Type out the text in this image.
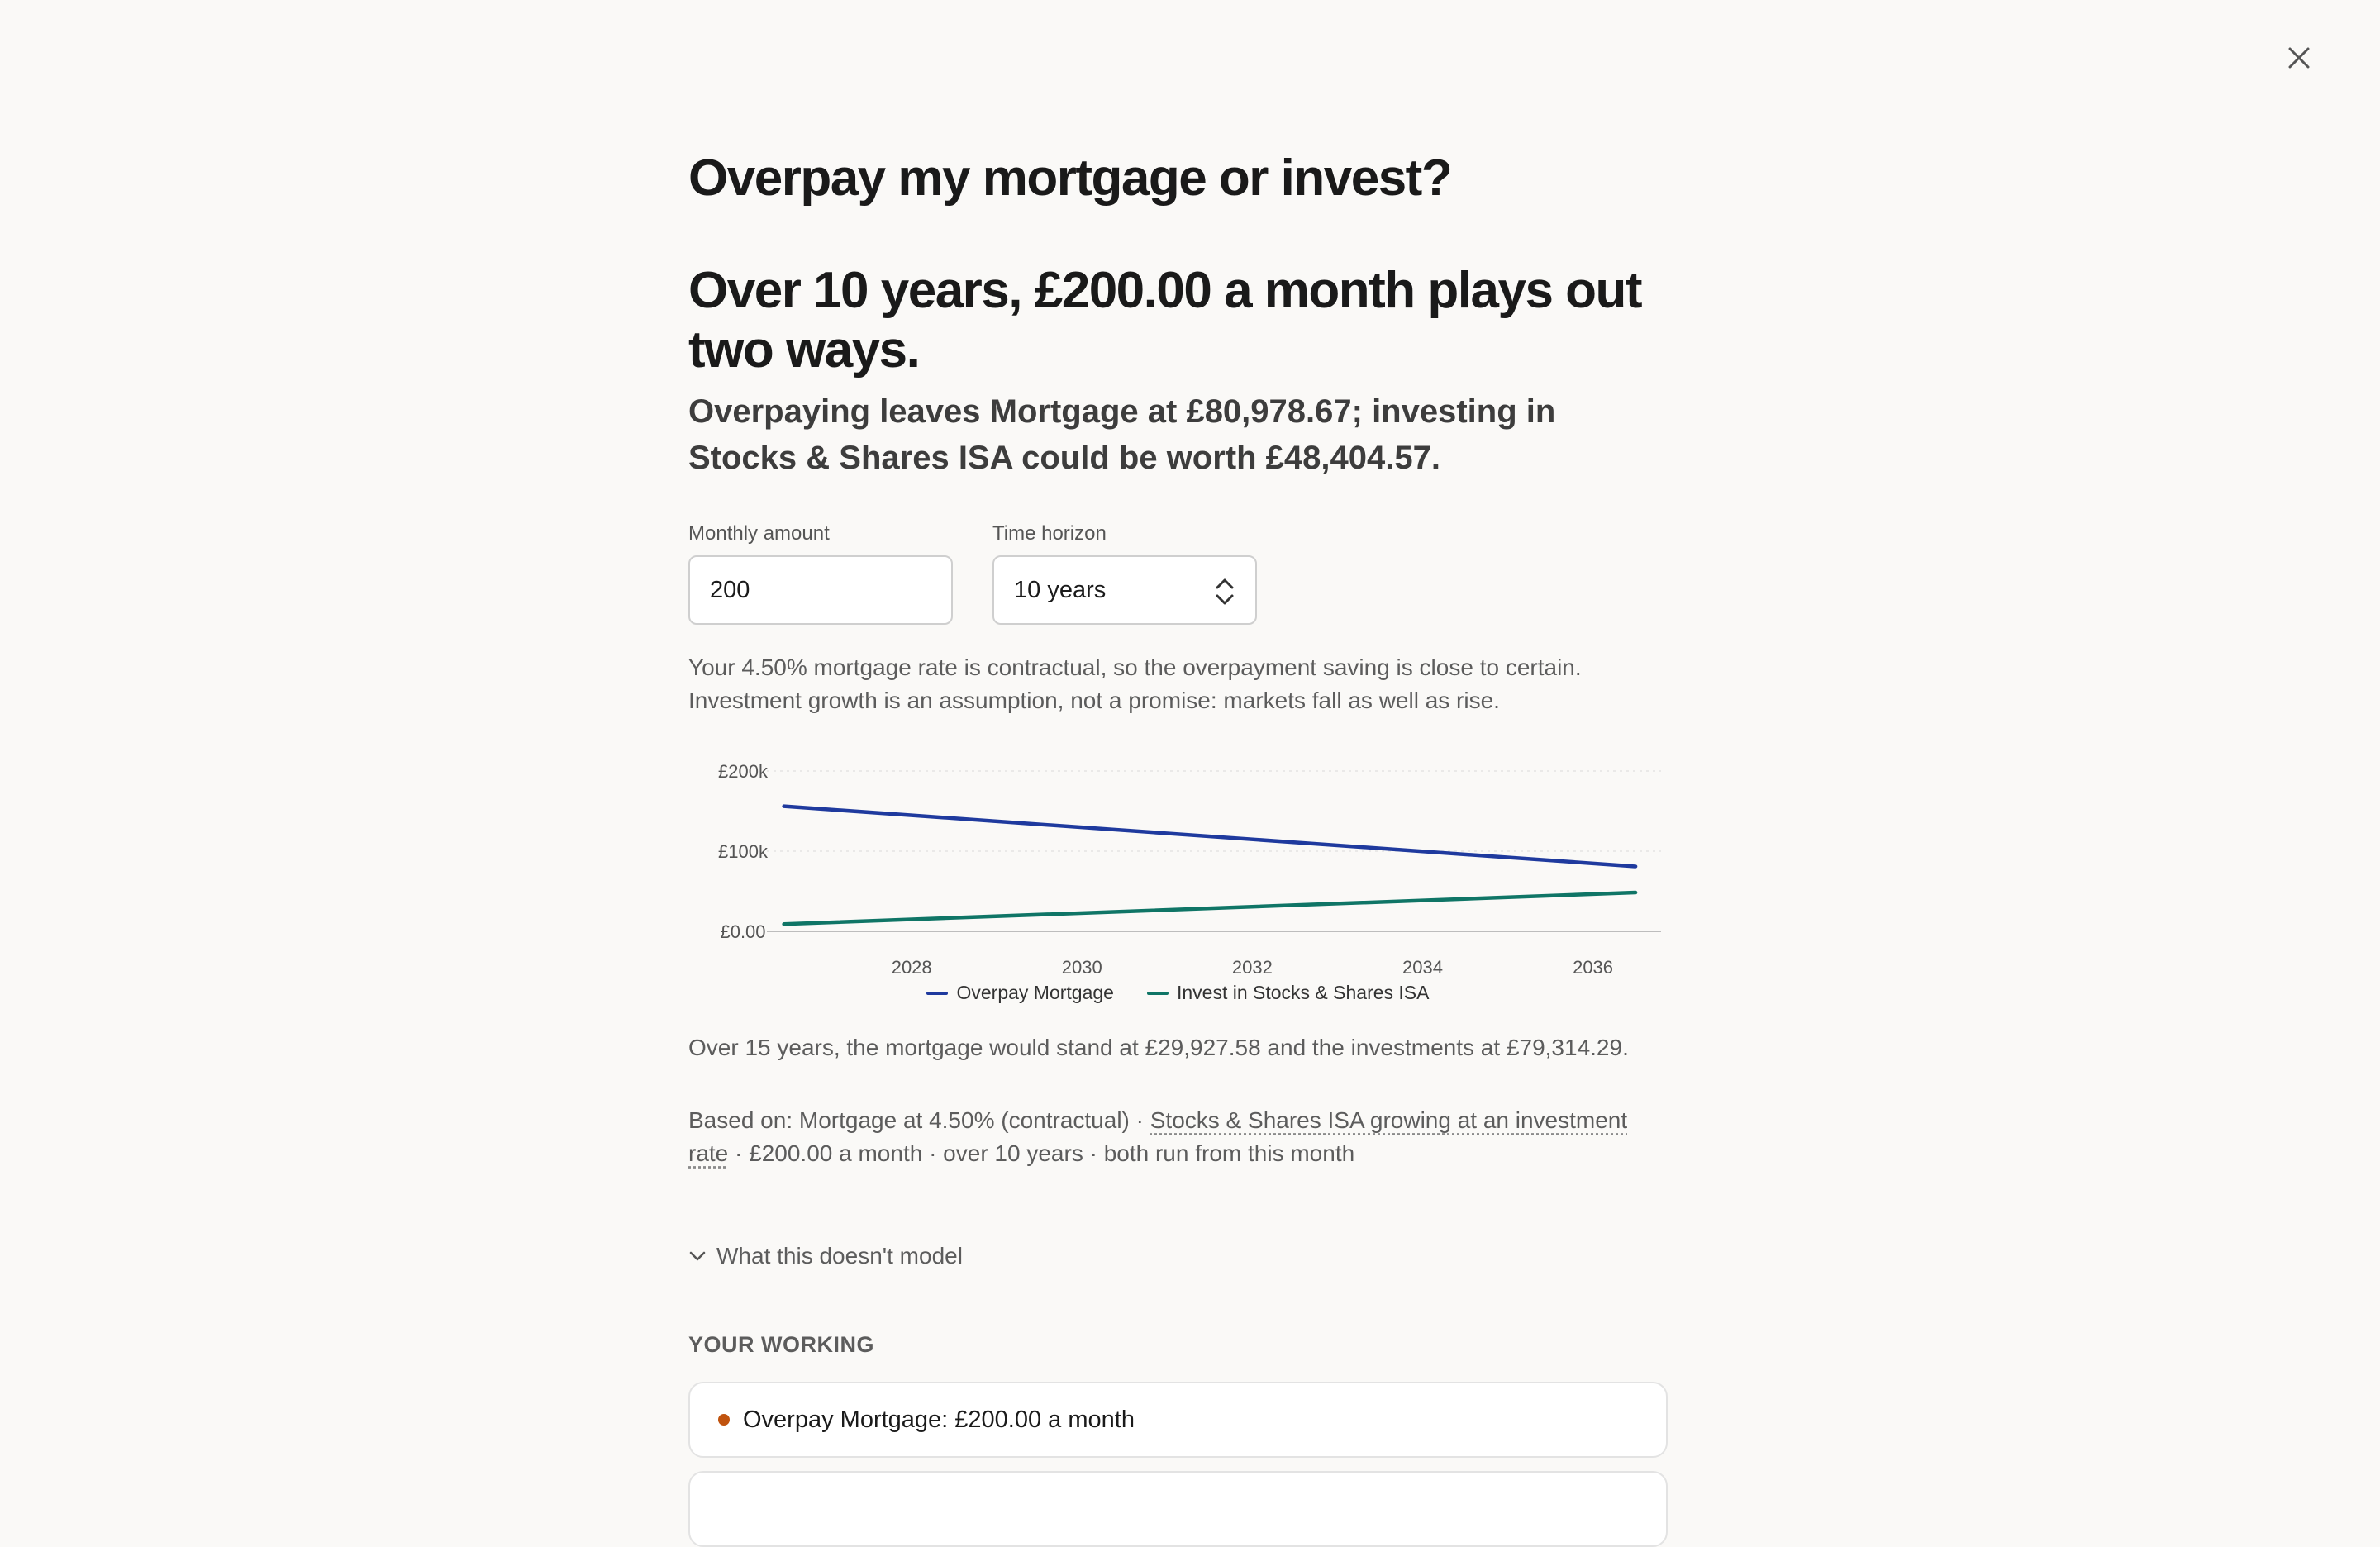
Overpay my mortgage or invest?
Over 10 years, £200.00 a month plays out two ways.

Overpaying leaves Mortgage at £80,978.67; investing in Stocks & Shares ISA could be worth £48,404.57.

Monthly amount
200	Time horizon
10 years

Your 4.50% mortgage rate is contractual, so the overpayment saving is close to certain. Investment growth is an assumption, not a promise: markets fall as well as rise.

£0.00
£100k
£200k
2028	2030	2032	2034	2036
Overpay Mortgage	Invest in Stocks & Shares ISA

Over 15 years, the mortgage would stand at £29,927.58 and the investments at £79,314.29.

Based on: Mortgage at 4.50% (contractual) · Stocks & Shares ISA growing at an investment rate · £200.00 a month · over 10 years · both run from this month

What this doesn't model
YOUR WORKING
Overpay Mortgage: £200.00 a month
